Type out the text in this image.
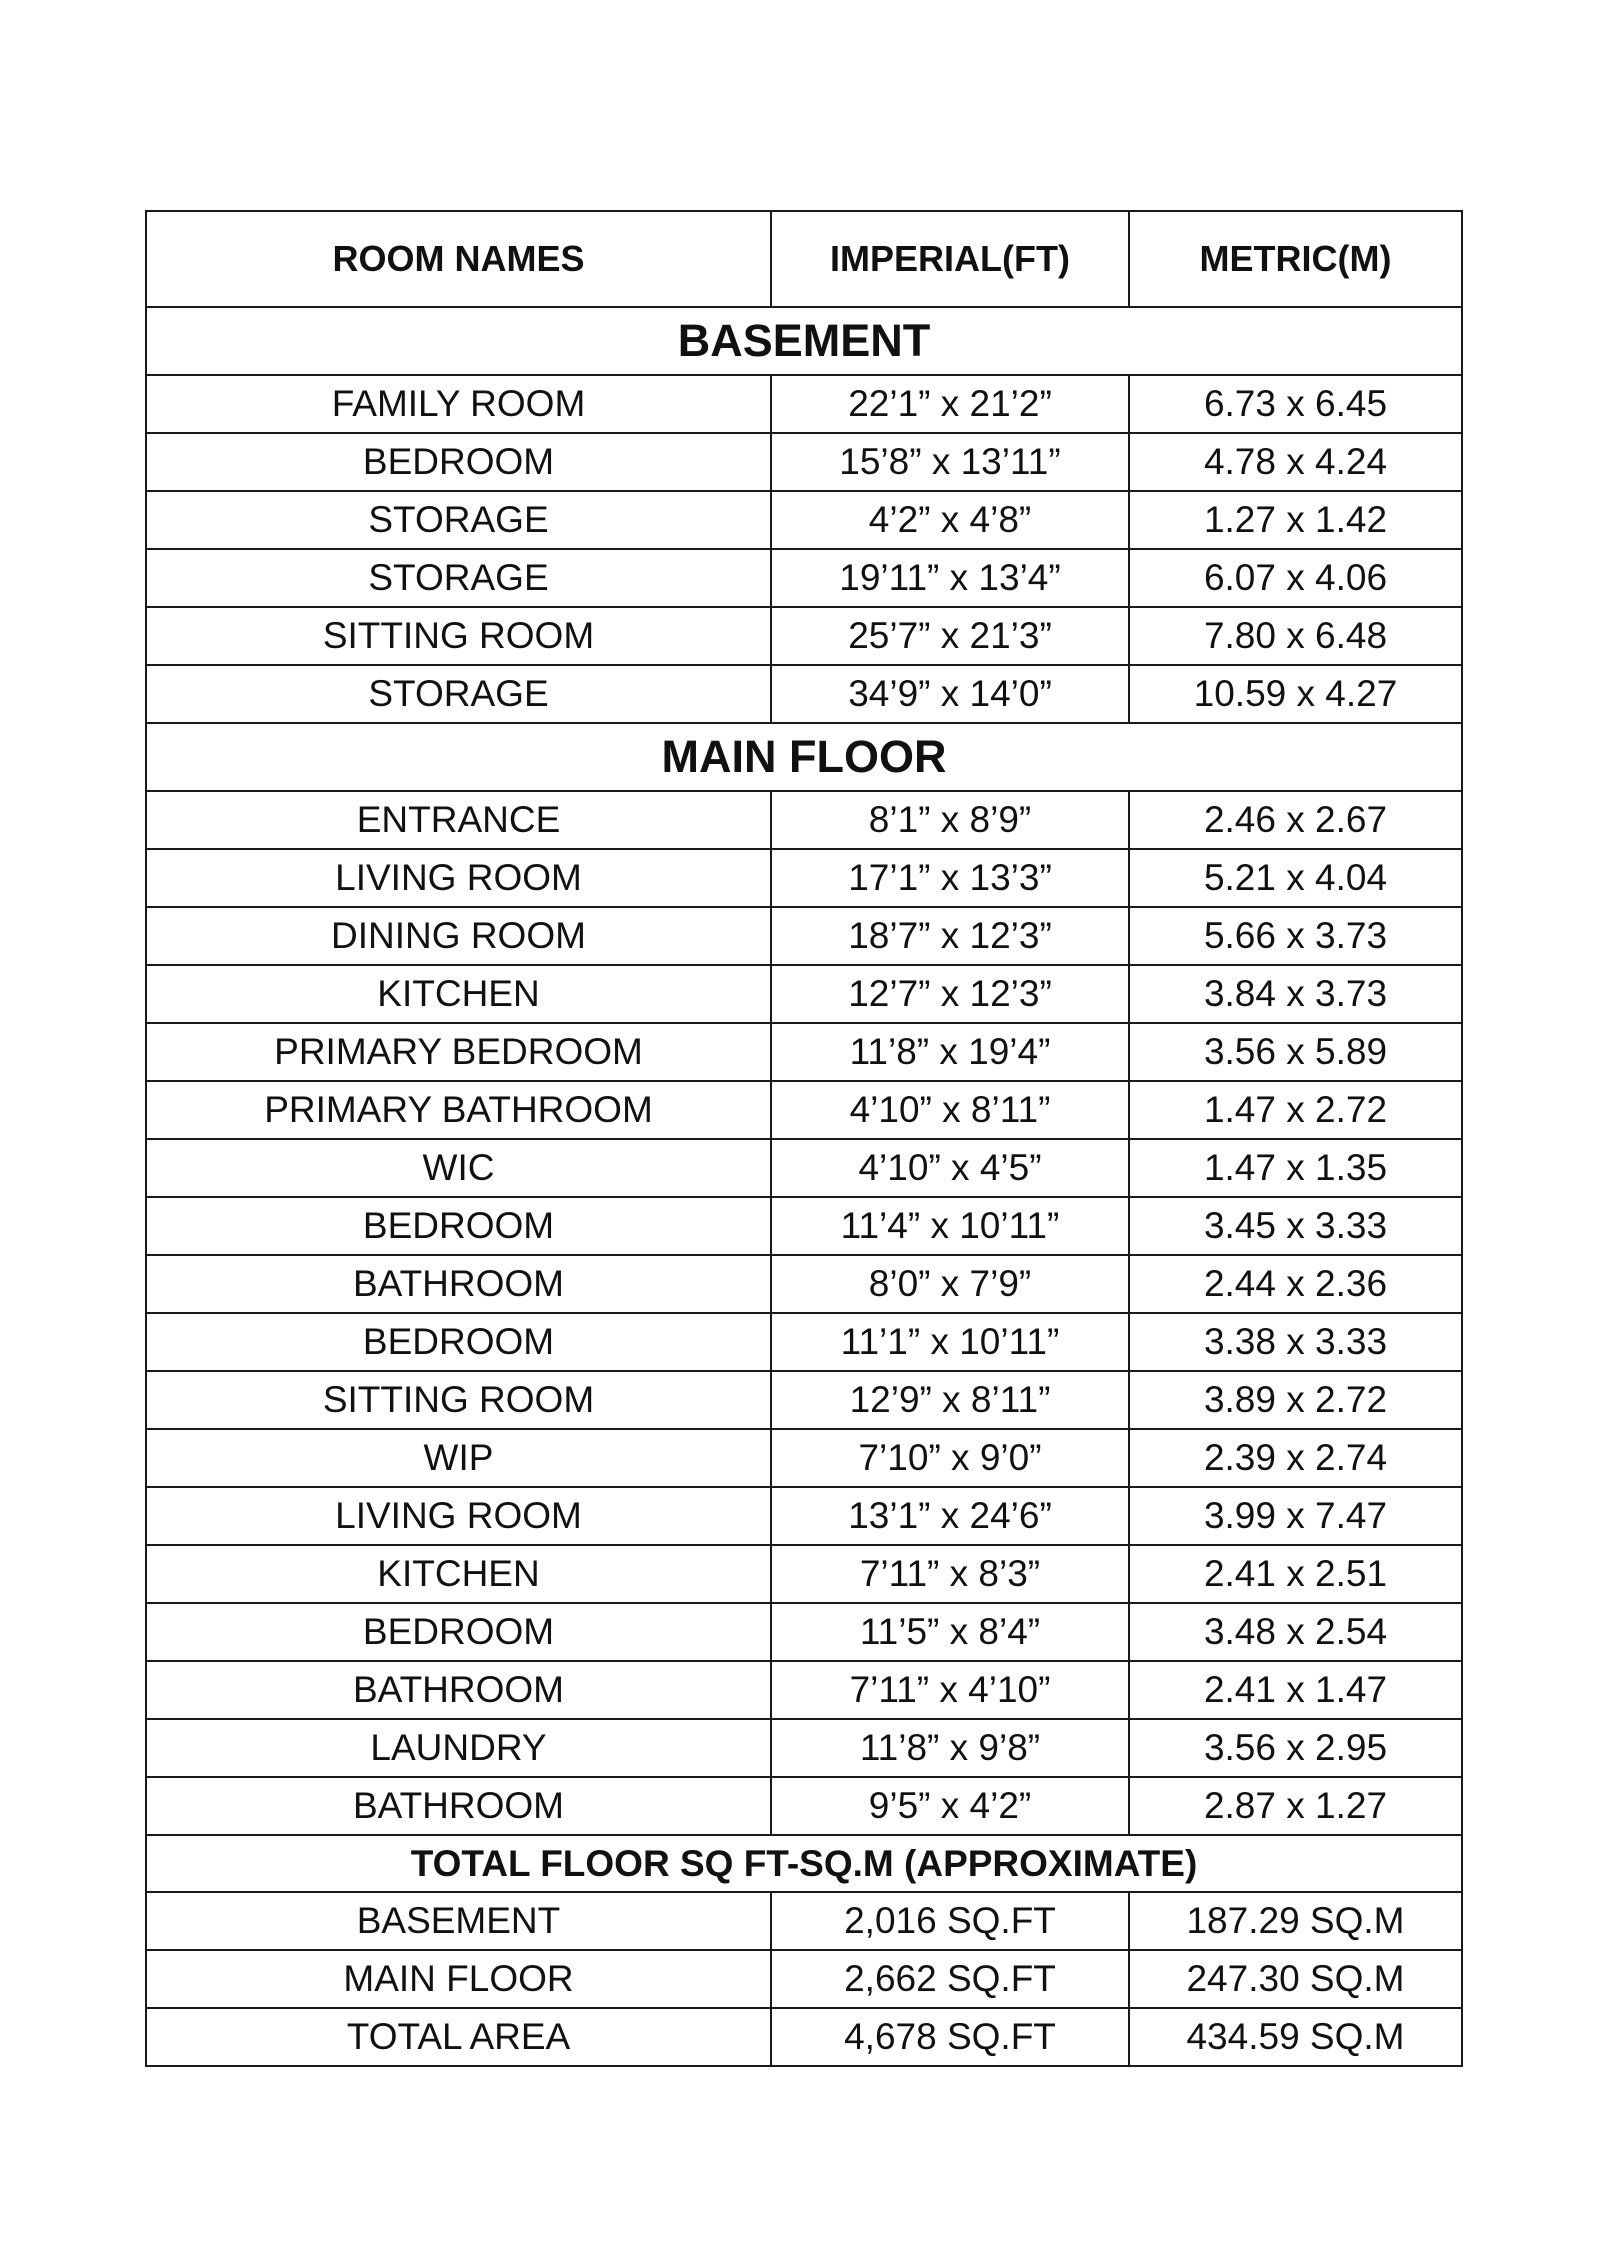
ROOM NAMES	IMPERIAL(FT)	METRIC(M)
BASEMENT		
FAMILY ROOM	22’1” x 21’2”	6.73 x 6.45
BEDROOM	15’8” x 13’11”	4.78 x 4.24
STORAGE	4’2” x 4’8”	1.27 x 1.42
STORAGE	19’11” x 13’4”	6.07 x 4.06
SITTING ROOM	25’7” x 21’3”	7.80 x 6.48
STORAGE	34’9” x 14’0”	10.59 x 4.27
MAIN FLOOR		
ENTRANCE	8’1” x 8’9”	2.46 x 2.67
LIVING ROOM	17’1” x 13’3”	5.21 x 4.04
DINING ROOM	18’7” x 12’3”	5.66 x 3.73
KITCHEN	12’7” x 12’3”	3.84 x 3.73
PRIMARY BEDROOM	11’8” x 19’4”	3.56 x 5.89
PRIMARY BATHROOM	4’10” x 8’11”	1.47 x 2.72
WIC	4’10” x 4’5”	1.47 x 1.35
BEDROOM	11’4” x 10’11”	3.45 x 3.33
BATHROOM	8’0” x 7’9”	2.44 x 2.36
BEDROOM	11’1” x 10’11”	3.38 x 3.33
SITTING ROOM	12’9” x 8’11”	3.89 x 2.72
WIP	7’10” x 9’0”	2.39 x 2.74
LIVING ROOM	13’1” x 24’6”	3.99 x 7.47
KITCHEN	7’11” x 8’3”	2.41 x 2.51
BEDROOM	11’5” x 8’4”	3.48 x 2.54
BATHROOM	7’11” x 4’10”	2.41 x 1.47
LAUNDRY	11’8” x 9’8”	3.56 x 2.95
BATHROOM	9’5” x 4’2”	2.87 x 1.27
TOTAL FLOOR SQ FT-SQ.M (APPROXIMATE)		
BASEMENT	2,016 SQ.FT	187.29 SQ.M
MAIN FLOOR	2,662 SQ.FT	247.30 SQ.M
TOTAL AREA	4,678 SQ.FT	434.59 SQ.M
